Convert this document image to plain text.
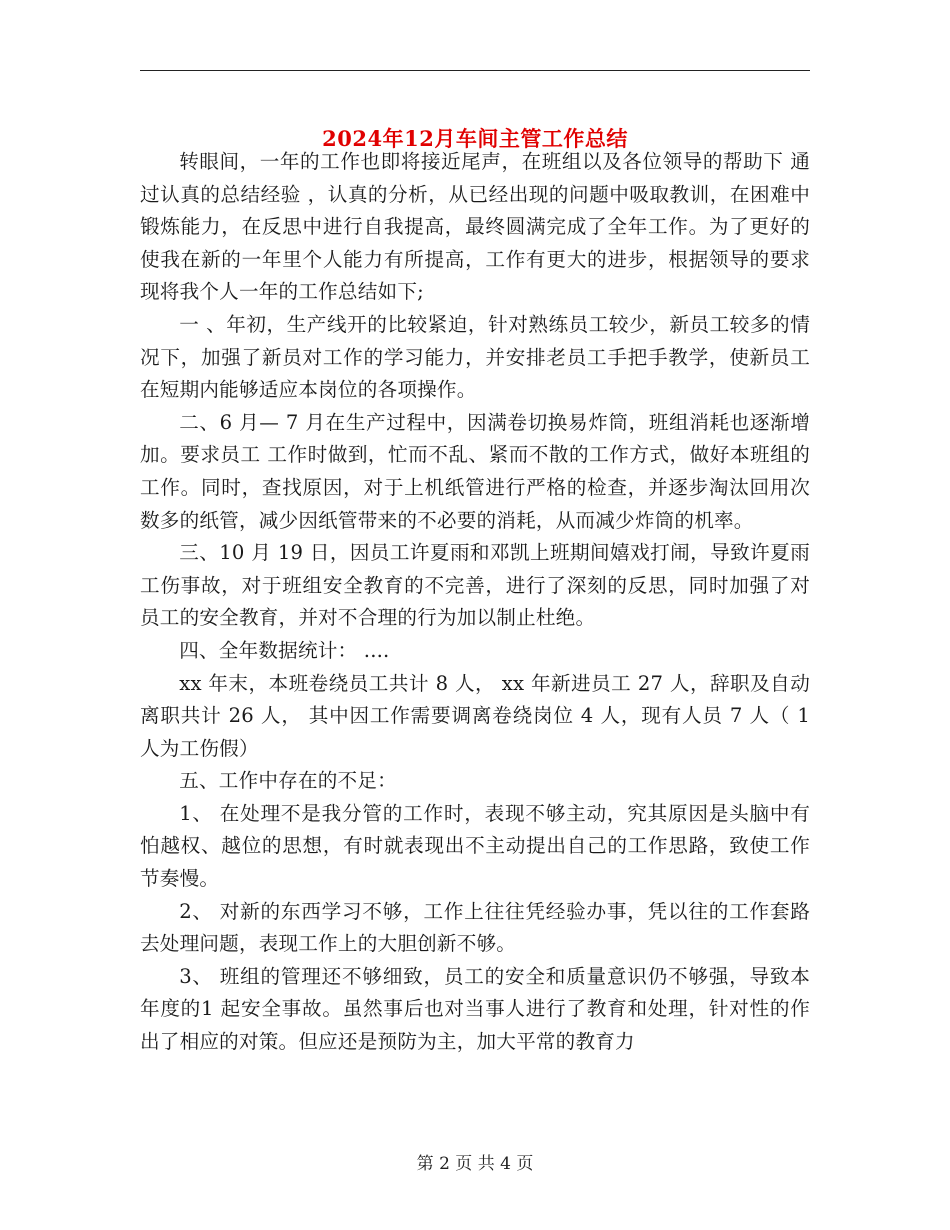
2024年12月车间主管工作总结

转眼间，一年的工作也即将接近尾声，在班组以及各位领导的帮助下 通过认真的总结经验 ，认真的分析，从已经出现的问题中吸取教训，在困难中锻炼能力，在反思中进行自我提高，最终圆满完成了全年工作。为了更好的使我在新的一年里个人能力有所提高，工作有更大的进步，根据领导的要求现将我个人一年的工作总结如下;

一 、年初，生产线开的比较紧迫，针对熟练员工较少，新员工较多的情况下，加强了新员对工作的学习能力，并安排老员工手把手教学，使新员工在短期内能够适应本岗位的各项操作。

二、6 月— 7 月在生产过程中，因满卷切换易炸筒，班组消耗也逐渐增加。要求员工 工作时做到，忙而不乱、紧而不散的工作方式，做好本班组的工作。同时，查找原因，对于上机纸管进行严格的检查，并逐步淘汰回用次数多的纸管，减少因纸管带来的不必要的消耗，从而减少炸筒的机率。

三、10 月 19 日，因员工许夏雨和邓凯上班期间嬉戏打闹，导致许夏雨工伤事故，对于班组安全教育的不完善，进行了深刻的反思，同时加强了对员工的安全教育，并对不合理的行为加以制止杜绝。

四、全年数据统计： ....

xx 年末，本班卷绕员工共计 8 人， xx 年新进员工 27 人，辞职及自动离职共计 26 人， 其中因工作需要调离卷绕岗位 4 人，现有人员 7 人（ 1 人为工伤假）

五、工作中存在的不足：

1、 在处理不是我分管的工作时，表现不够主动，究其原因是头脑中有怕越权、越位的思想，有时就表现出不主动提出自己的工作思路，致使工作节奏慢。

2、 对新的东西学习不够，工作上往往凭经验办事，凭以往的工作套路去处理问题，表现工作上的大胆创新不够。

3、 班组的管理还不够细致，员工的安全和质量意识仍不够强，导致本年度的1 起安全事故。虽然事后也对当事人进行了教育和处理，针对性的作出了相应的对策。但应还是预防为主，加大平常的教育力

第 2 页 共 4 页
